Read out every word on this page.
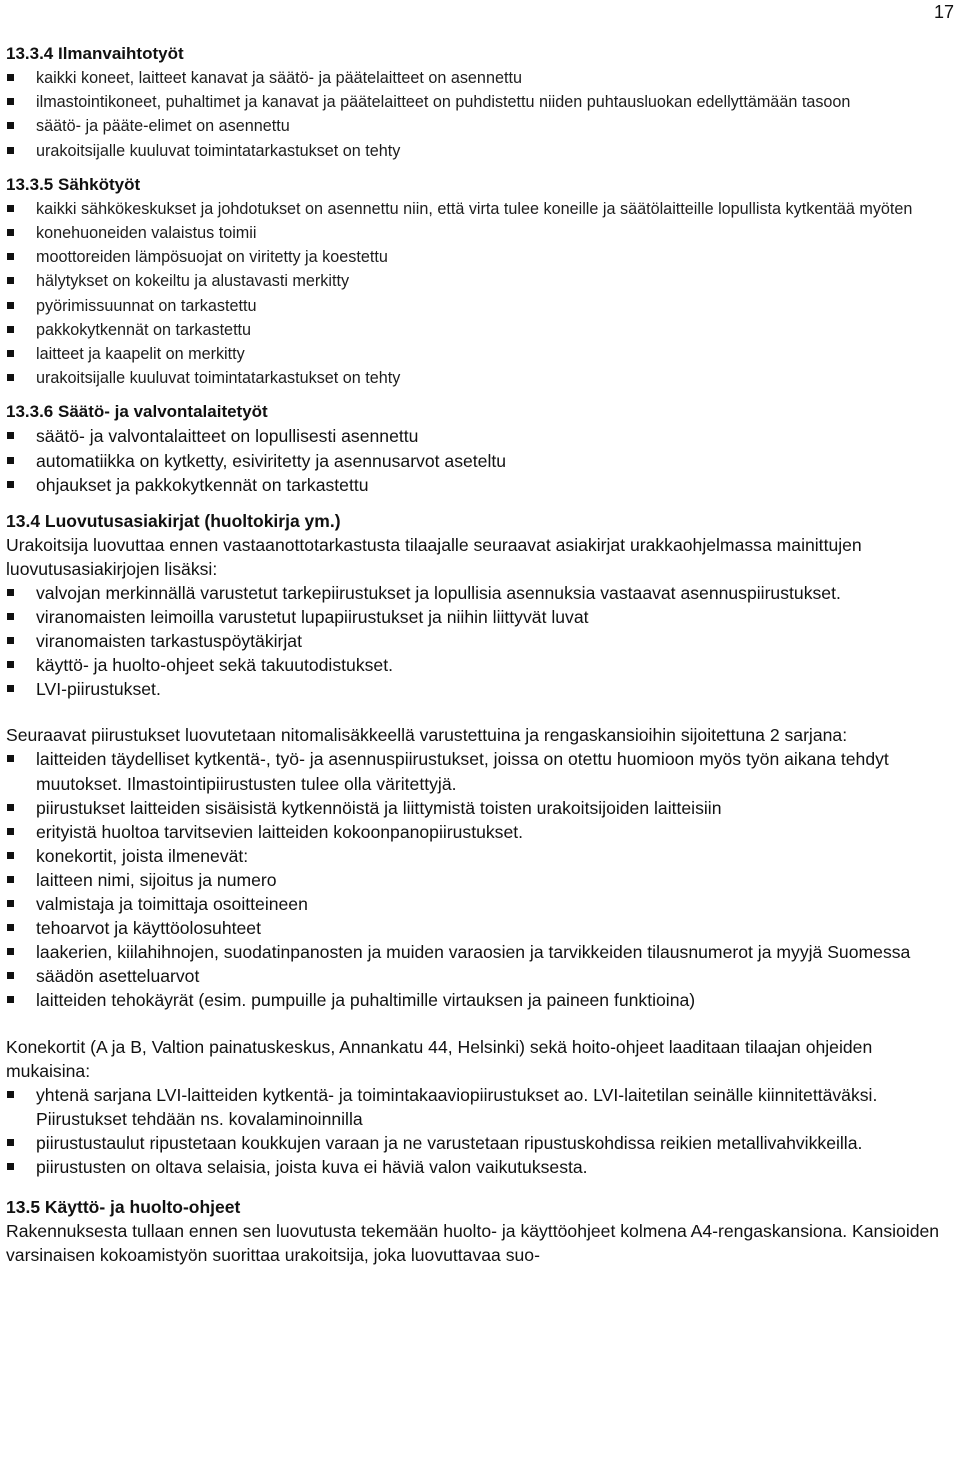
17
13.3.4 Ilmanvaihtotyöt
kaikki koneet, laitteet kanavat ja säätö- ja päätelaitteet on asennettu
ilmastointikoneet, puhaltimet ja kanavat ja päätelaitteet on puhdistettu niiden puhtausluokan edellyttämään tasoon
säätö- ja pääte-elimet on asennettu
urakoitsijalle kuuluvat toimintatarkastukset on tehty
13.3.5 Sähkötyöt
kaikki sähkökeskukset ja johdotukset on asennettu niin, että virta tulee koneille ja säätölaitteille lopullista kytkentää myöten
konehuoneiden valaistus toimii
moottoreiden lämpösuojat on viritetty ja koestettu
hälytykset on kokeiltu ja alustavasti merkitty
pyörimissuunnat on tarkastettu
pakkokytkennät on tarkastettu
laitteet ja kaapelit on merkitty
urakoitsijalle kuuluvat toimintatarkastukset on tehty
13.3.6 Säätö- ja valvontalaitetyöt
säätö- ja valvontalaitteet on lopullisesti asennettu
automatiikka on kytketty, esiviritetty ja asennusarvot aseteltu
ohjaukset ja pakkokytkennät on tarkastettu
13.4 Luovutusasiakirjat (huoltokirja ym.)

Urakoitsija luovuttaa ennen vastaanottotarkastusta tilaajalle seuraavat asiakirjat urakkaohjelmassa mainittujen luovutusasiakirjojen lisäksi:

valvojan merkinnällä varustetut tarkepiirustukset ja lopullisia asennuksia vastaavat asennuspiirustukset.
viranomaisten leimoilla varustetut lupapiirustukset ja niihin liittyvät luvat
viranomaisten tarkastuspöytäkirjat
käyttö- ja huolto-ohjeet sekä takuutodistukset.
LVI-piirustukset.

Seuraavat piirustukset luovutetaan nitomalisäkkeellä varustettuina ja rengaskansioihin sijoitettuna 2 sarjana:

laitteiden täydelliset kytkentä-, työ- ja asennuspiirustukset, joissa on otettu huomioon myös työn aikana tehdyt muutokset. Ilmastointipiirustusten tulee olla väritettyjä.
piirustukset laitteiden sisäisistä kytkennöistä ja liittymistä toisten urakoitsijoiden laitteisiin
erityistä huoltoa tarvitsevien laitteiden kokoonpanopiirustukset.
konekortit, joista ilmenevät:
laitteen nimi, sijoitus ja numero
valmistaja ja toimittaja osoitteineen
tehoarvot ja käyttöolosuhteet
laakerien, kiilahihnojen, suodatinpanosten ja muiden varaosien ja tarvikkeiden tilausnumerot ja myyjä Suomessa
säädön asetteluarvot
laitteiden tehokäyrät (esim. pumpuille ja puhaltimille virtauksen ja paineen funktioina)

Konekortit (A ja B, Valtion painatuskeskus, Annankatu 44, Helsinki) sekä hoito-ohjeet laaditaan tilaajan ohjeiden mukaisina:

yhtenä sarjana LVI-laitteiden kytkentä- ja toimintakaaviopiirustukset ao. LVI-laitetilan seinälle kiinnitettäväksi. Piirustukset tehdään ns. kovalaminoinnilla
piirustustaulut ripustetaan koukkujen varaan ja ne varustetaan ripustuskohdissa reikien metallivahvikkeilla.
piirustusten on oltava selaisia, joista kuva ei häviä valon vaikutuksesta.
13.5 Käyttö- ja huolto-ohjeet

Rakennuksesta tullaan ennen sen luovutusta tekemään huolto- ja käyttöohjeet kolmena A4-rengaskansiona. Kansioiden varsinaisen kokoamistyön suorittaa urakoitsija, joka luovuttavaa suo-
